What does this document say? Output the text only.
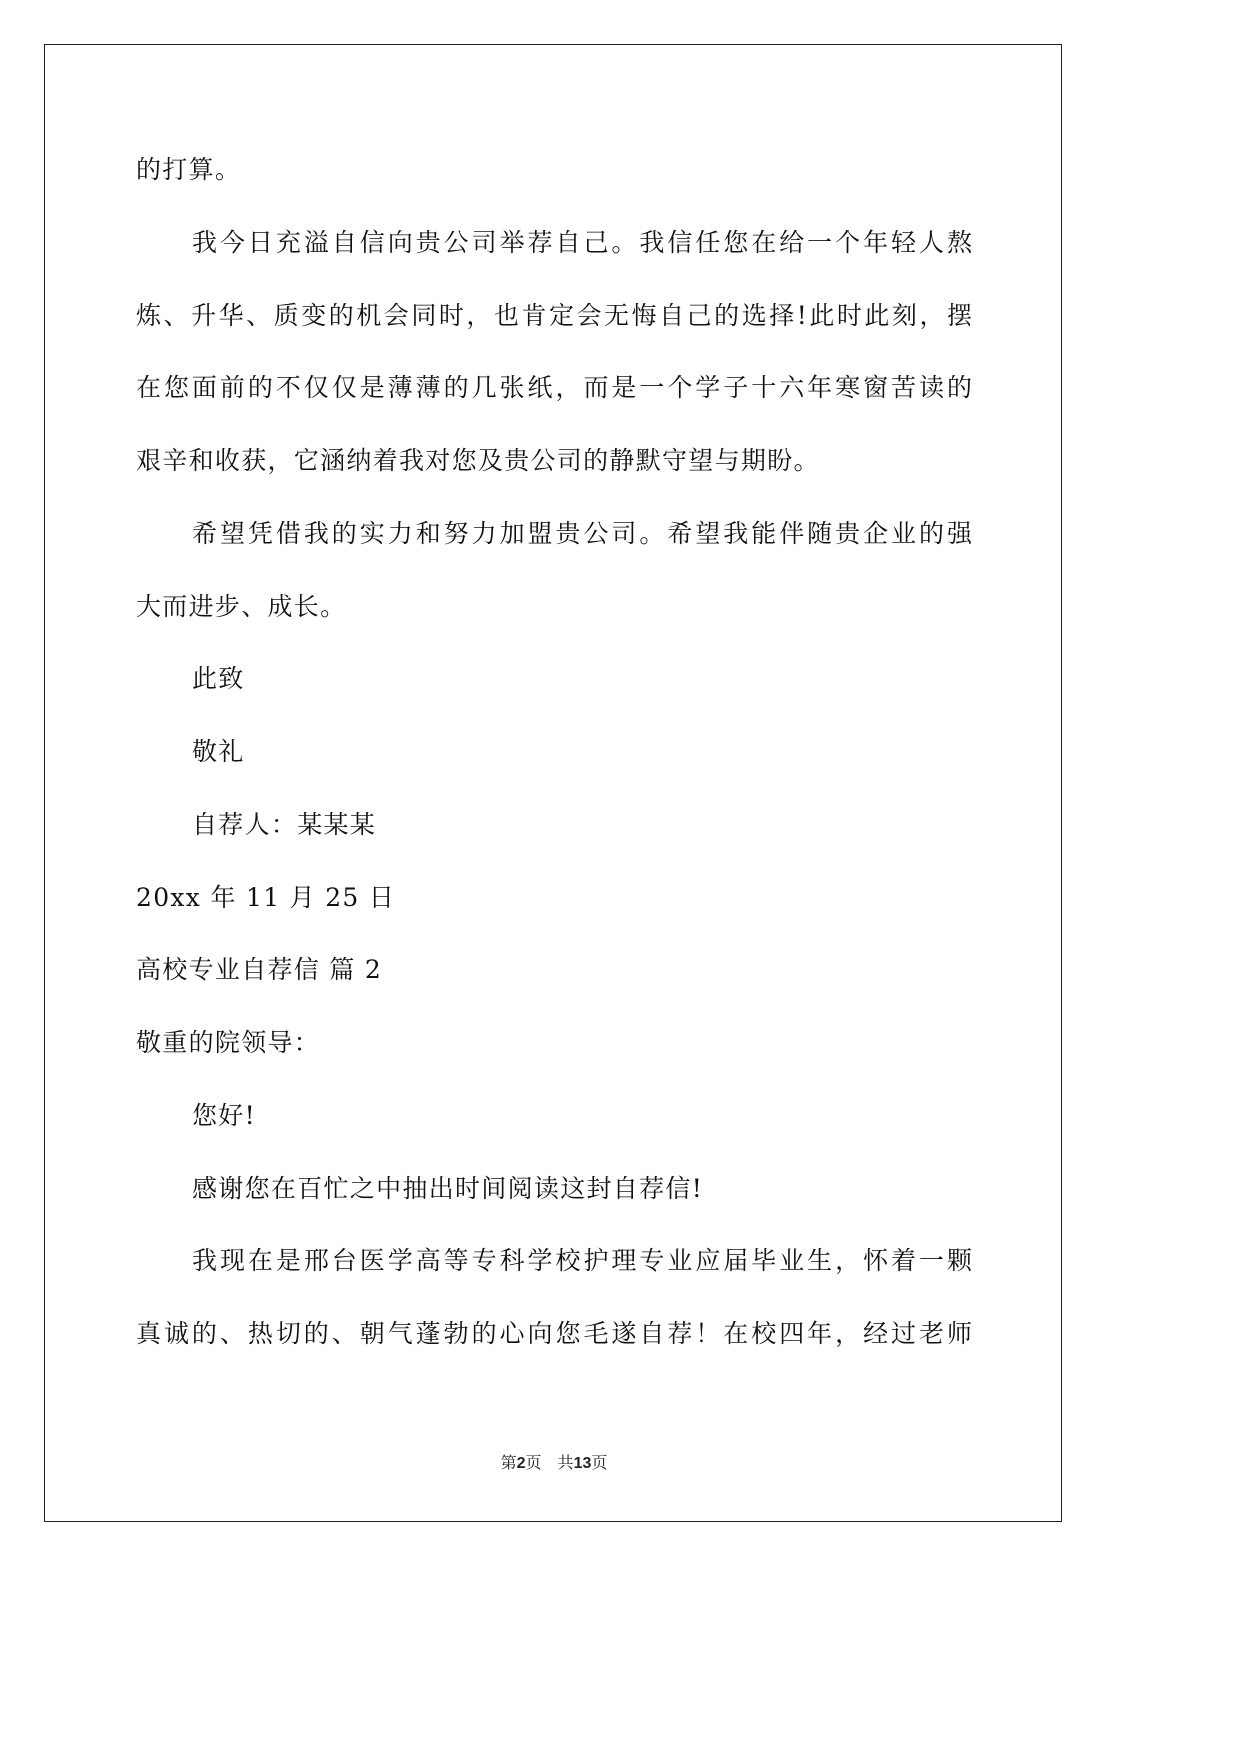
的打算。
我今日充溢自信向贵公司举荐自己。我信任您在给一个年轻人熬
炼、升华、质变的机会同时，也肯定会无悔自己的选择!此时此刻，摆
在您面前的不仅仅是薄薄的几张纸，而是一个学子十六年寒窗苦读的
艰辛和收获，它涵纳着我对您及贵公司的静默守望与期盼。
希望凭借我的实力和努力加盟贵公司。希望我能伴随贵企业的强
大而进步、成长。
此致
敬礼
自荐人：某某某
20xx 年 11 月 25 日
高校专业自荐信 篇 2
敬重的院领导：
您好!
感谢您在百忙之中抽出时间阅读这封自荐信!
我现在是邢台医学高等专科学校护理专业应届毕业生，怀着一颗
真诚的、热切的、朝气蓬勃的心向您毛遂自荐！在校四年，经过老师
第2页　共13页
